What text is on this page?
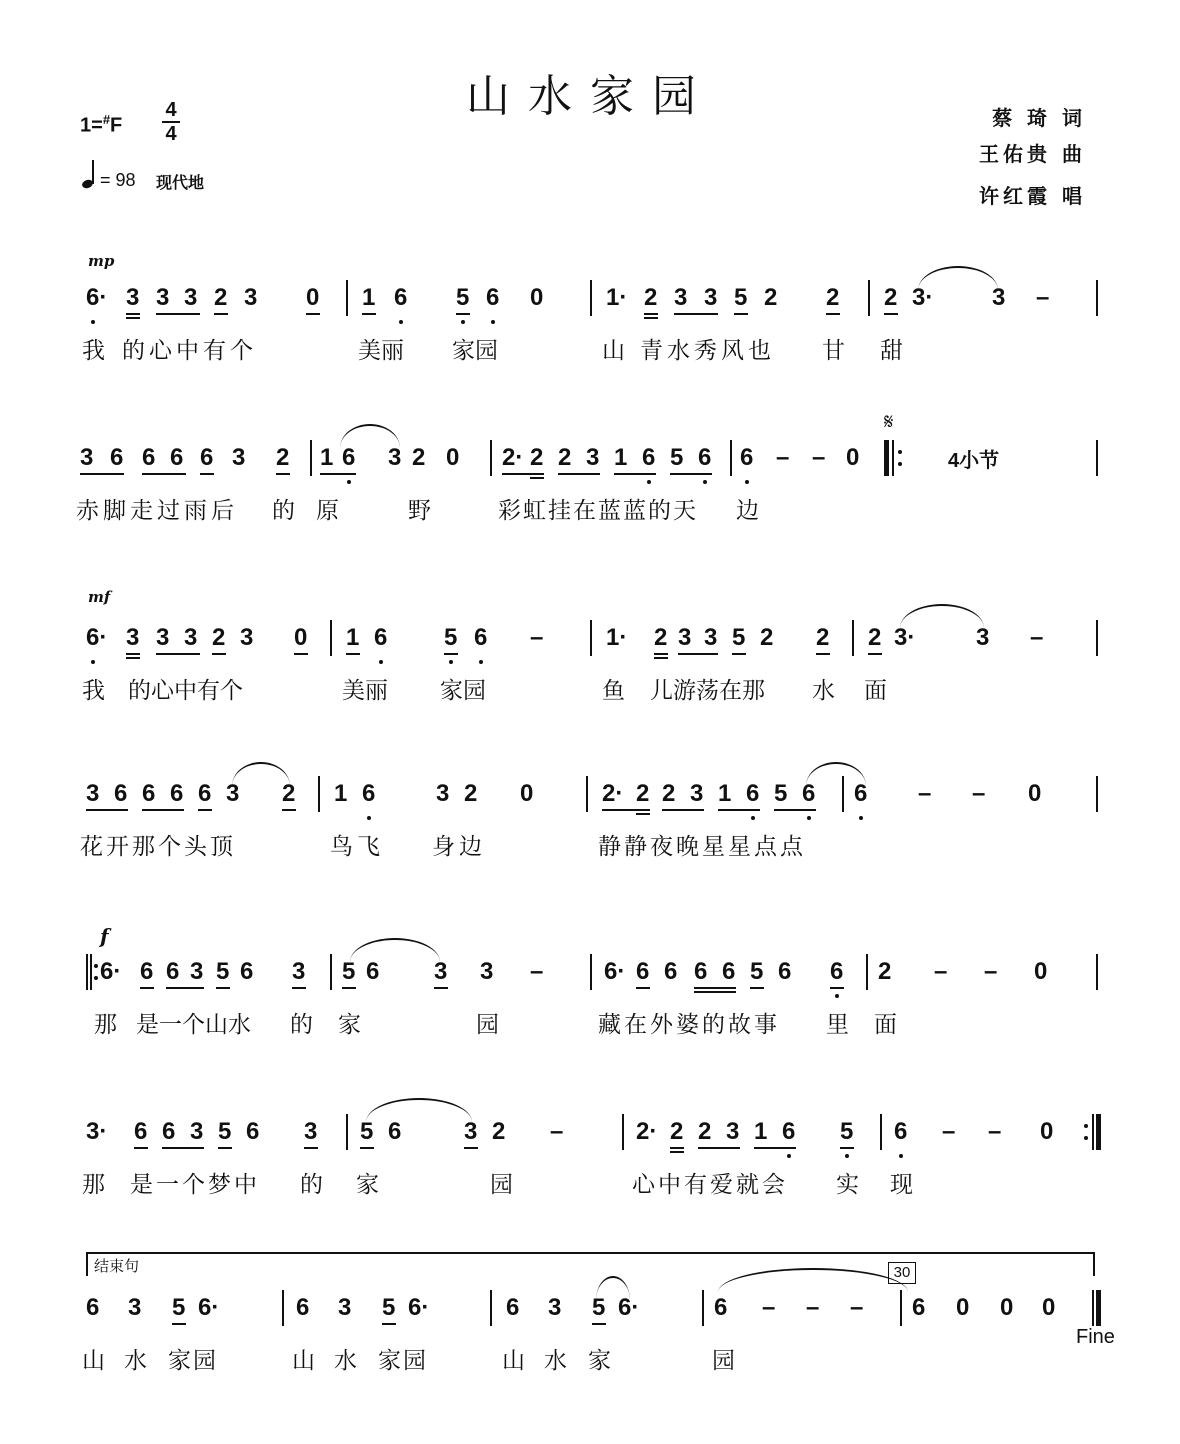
山水家园
1=#F
4
4
= 98 现代地
蔡 琦 词
王佑贵 曲
许红霞 唱
mp
mf
f
6· 3 3 3 2 3 0 1 6 5 6 0	1· 2 3 3 5 2 2 2 3· 3 –
我 的心中有个	美丽 家园	山 青水秀风也 甘 甜
3 6 6 6 6 3 2 1 6 3 2 0 2· 2 2 3 1 6 5 6 6 – – 0	4小节
𝄋
赤脚走过雨后 的 原	野	彩虹挂在蓝蓝的天 边
6· 3 3 3 2 3 0 1 6 5 6 –	1· 2 3 3 5 2 2 2 3·	3 –
我 的心中有个	美丽 家园	鱼 儿游荡在那 水 面
3 6 6 6 6 3 2 1 6	3 2 0	2· 2 2 3 1 6 5 6 6 – – 0
花开那个头顶	鸟飞 身边	静静夜晚星星点点
6· 6 6 3 5 6 3 5 6 3 3 –	6· 6 6 6 6 5 6 6 2 – – 0
那 是一个山水 的 家	园	藏在外婆的故事 里 面
3· 6 6 3 5 6 3 5 6	3 2 –	2· 2 2 3 1 6 5 6 – – 0
那 是一个梦中 的 家	园	心中有爱就会 实 现
结束句	30
6 3 5 6·	6 3 5 6·	6 3 5 6·	6 – – – 6 0 0 0
山 水 家园	山 水 家园	山 水 家	园
Fine
